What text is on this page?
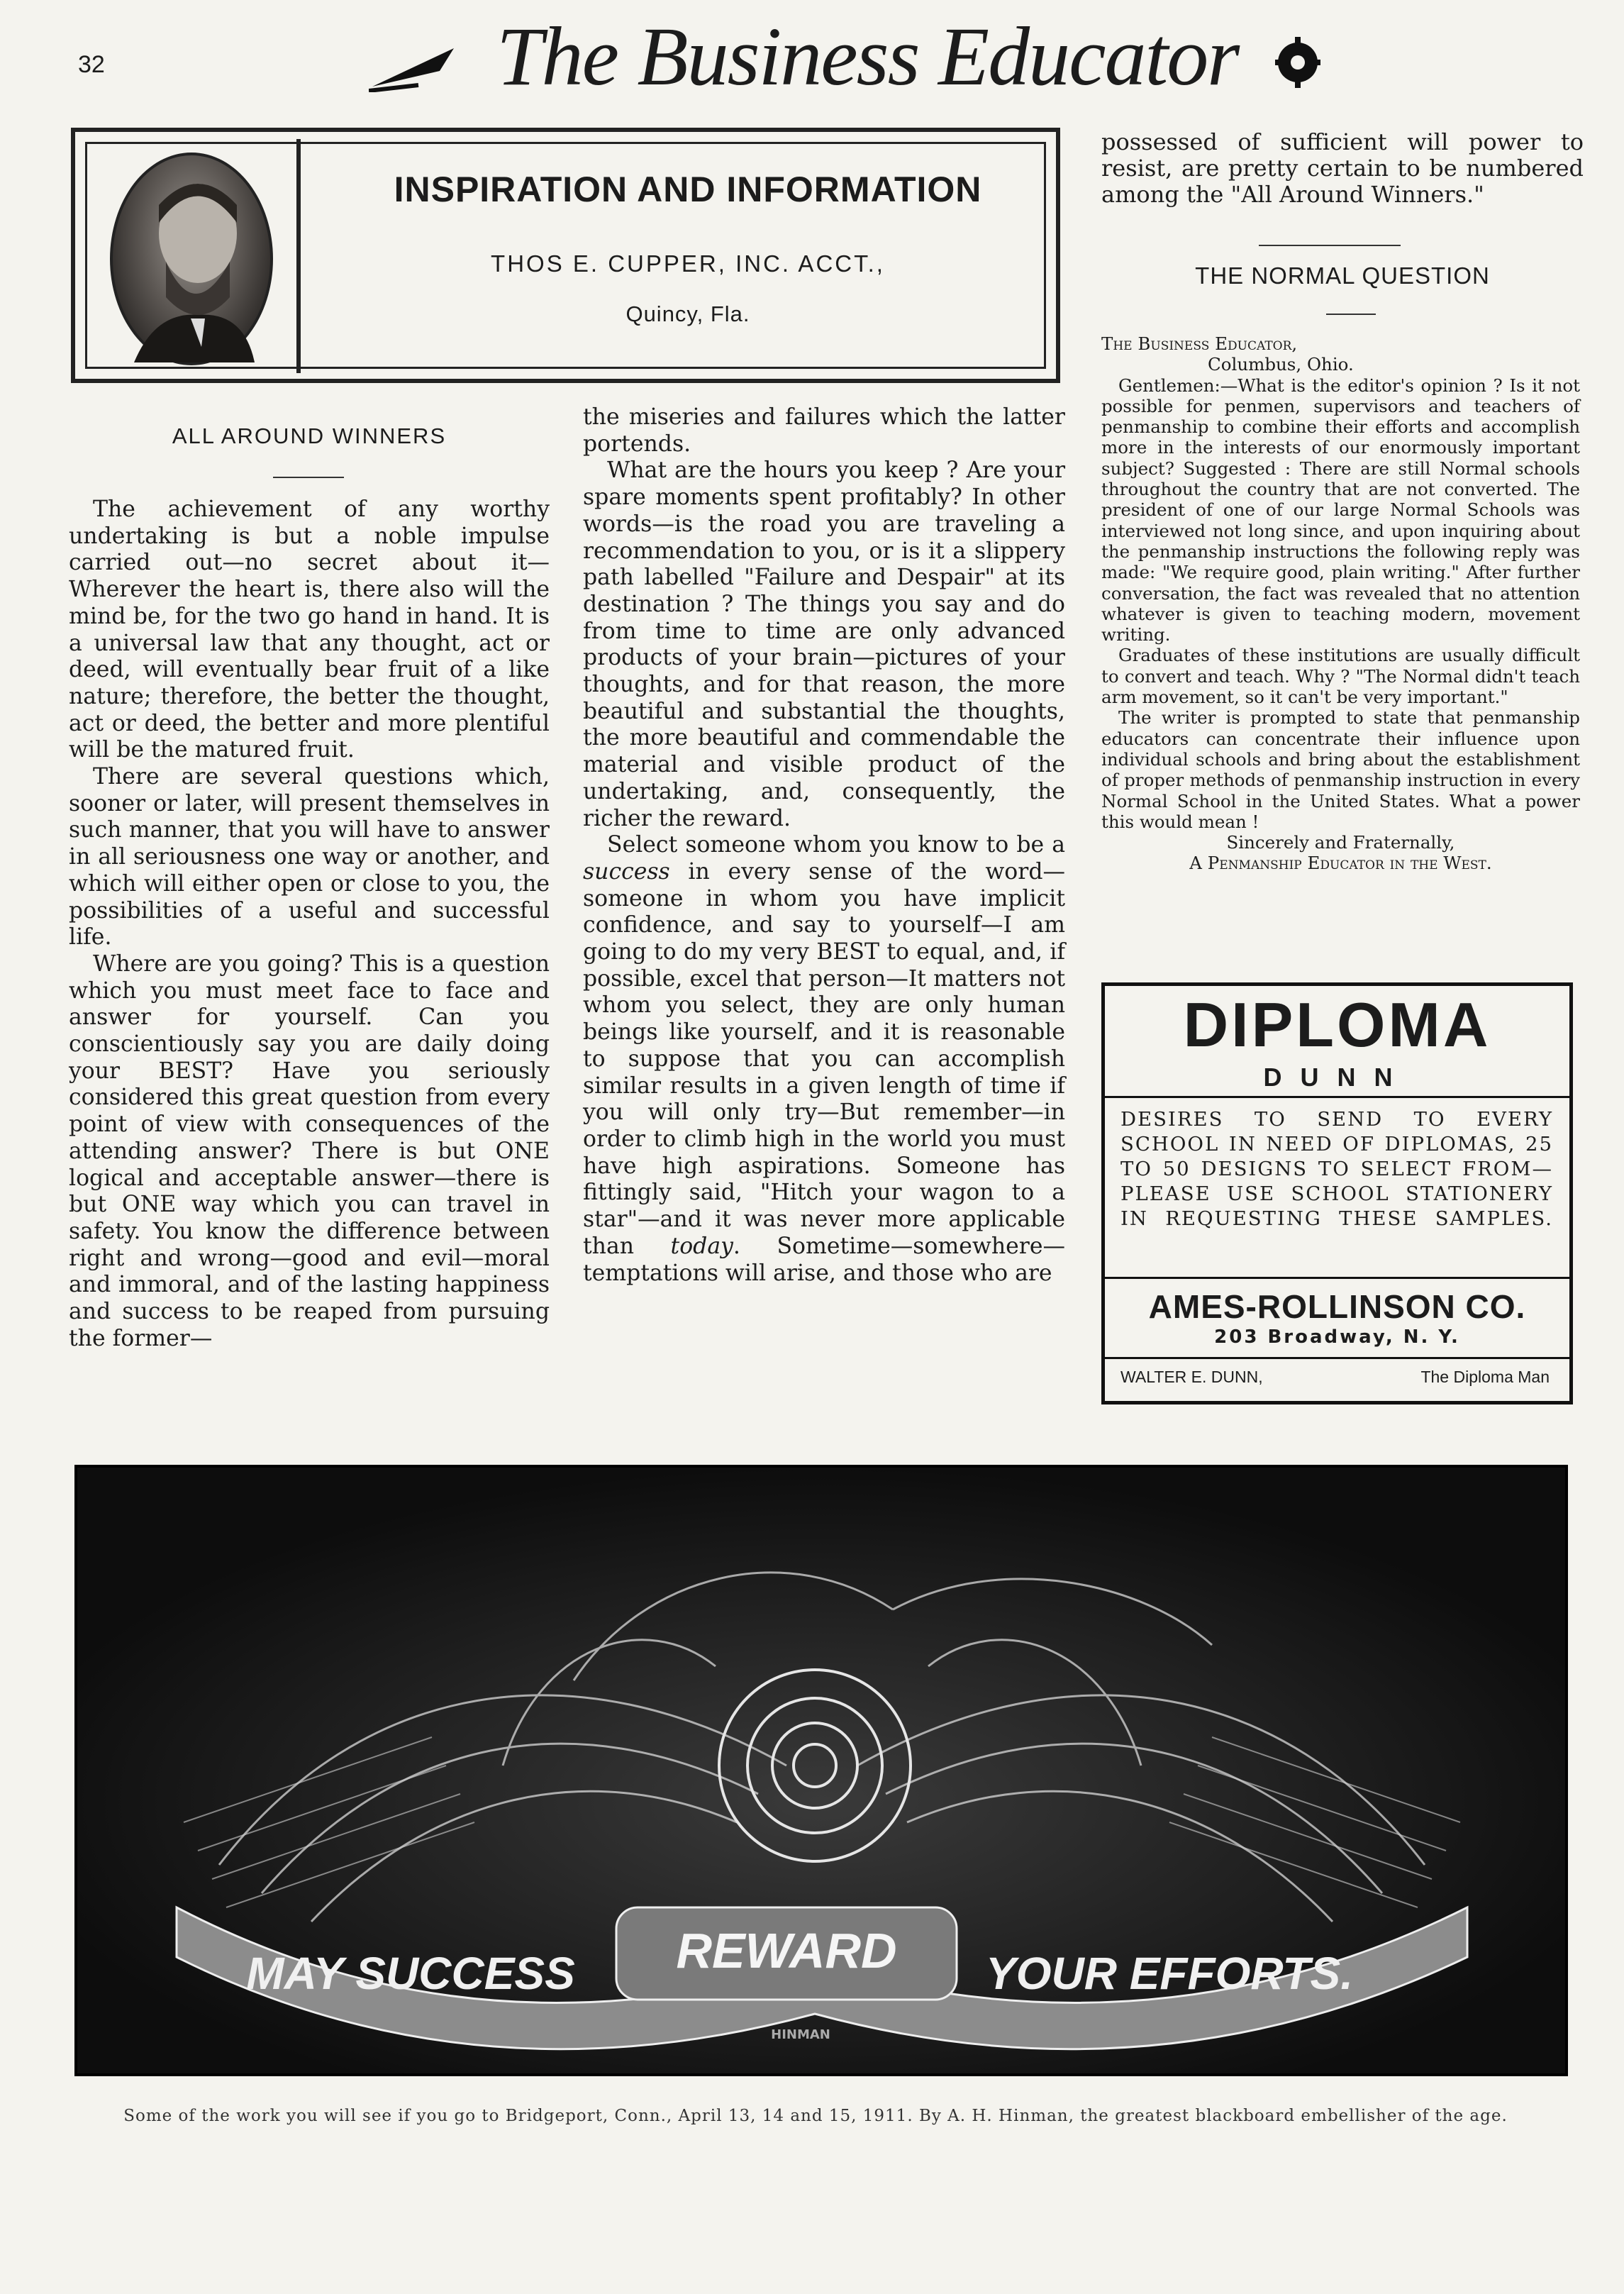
32	The Business Educator
INSPIRATION AND INFORMATION
THOS E. CUPPER, INC. ACCT.,
Quincy, Fla.
ALL AROUND WINNERS

The achievement of any worthy undertaking is but a noble impulse carried out—no secret about it—Wherever the heart is, there also will the mind be, for the two go hand in hand. It is a universal law that any thought, act or deed, will eventually bear fruit of a like nature; therefore, the better the thought, act or deed, the better and more plentiful will be the matured fruit.

There are several questions which, sooner or later, will present themselves in such manner, that you will have to answer in all seriousness one way or another, and which will either open or close to you, the possibilities of a useful and successful life.

Where are you going? This is a question which you must meet face to face and answer for yourself. Can you conscientiously say you are daily doing your BEST? Have you seriously considered this great question from every point of view with consequences of the attending answer? There is but ONE logical and acceptable answer—there is but ONE way which you can travel in safety. You know the difference between right and wrong—good and evil—moral and immoral, and of the lasting happiness and success to be reaped from pursuing the former—

the miseries and failures which the latter portends.

What are the hours you keep ? Are your spare moments spent profitably? In other words—is the road you are traveling a recommendation to you, or is it a slippery path labelled "Failure and Despair" at its destination ? The things you say and do from time to time are only advanced products of your brain—pictures of your thoughts, and for that reason, the more beautiful and substantial the thoughts, the more beautiful and commendable the material and visible product of the undertaking, and, consequently, the richer the reward.

Select someone whom you know to be a success in every sense of the word—someone in whom you have implicit confidence, and say to yourself—I am going to do my very BEST to equal, and, if possible, excel that person—It matters not whom you select, they are only human beings like yourself, and it is reasonable to suppose that you can accomplish similar results in a given length of time if you will only try—But remember—in order to climb high in the world you must have high aspirations. Someone has fittingly said, "Hitch your wagon to a star"—and it was never more applicable than today. Sometime—somewhere—temptations will arise, and those who are

possessed of sufficient will power to resist, are pretty certain to be numbered among the "All Around Winners."
THE NORMAL QUESTION

The Business Educator,

Columbus, Ohio.

Gentlemen:—What is the editor's opinion ? Is it not possible for penmen, supervisors and teachers of penmanship to combine their efforts and accomplish more in the interests of our enormously important subject? Suggested : There are still Normal schools throughout the country that are not converted. The president of one of our large Normal Schools was interviewed not long since, and upon inquiring about the penmanship instructions the following reply was made: "We require good, plain writing." After further conversation, the fact was revealed that no attention whatever is given to teaching modern, movement writing.

Graduates of these institutions are usually difficult to convert and teach. Why ? "The Normal didn't teach arm movement, so it can't be very important."

The writer is prompted to state that penmanship educators can concentrate their influence upon individual schools and bring about the establishment of proper methods of penmanship instruction in every Normal School in the United States. What a power this would mean !

Sincerely and Fraternally,

A Penmanship Educator in the West.

DIPLOMA
DUNN
DESIRES TO SEND TO EVERY SCHOOL IN NEED OF DIPLOMAS, 25 TO 50 DESIGNS TO SELECT FROM—PLEASE USE SCHOOL STATIONERY IN REQUESTING THESE SAMPLES.
AMES-ROLLINSON CO.
203 Broadway, N. Y.
WALTER E. DUNN,	The Diploma Man
MAY SUCCESS REWARD YOUR EFFORTS.
HINMAN
Some of the work you will see if you go to Bridgeport, Conn., April 13, 14 and 15, 1911. By A. H. Hinman, the greatest blackboard embellisher of the age.
